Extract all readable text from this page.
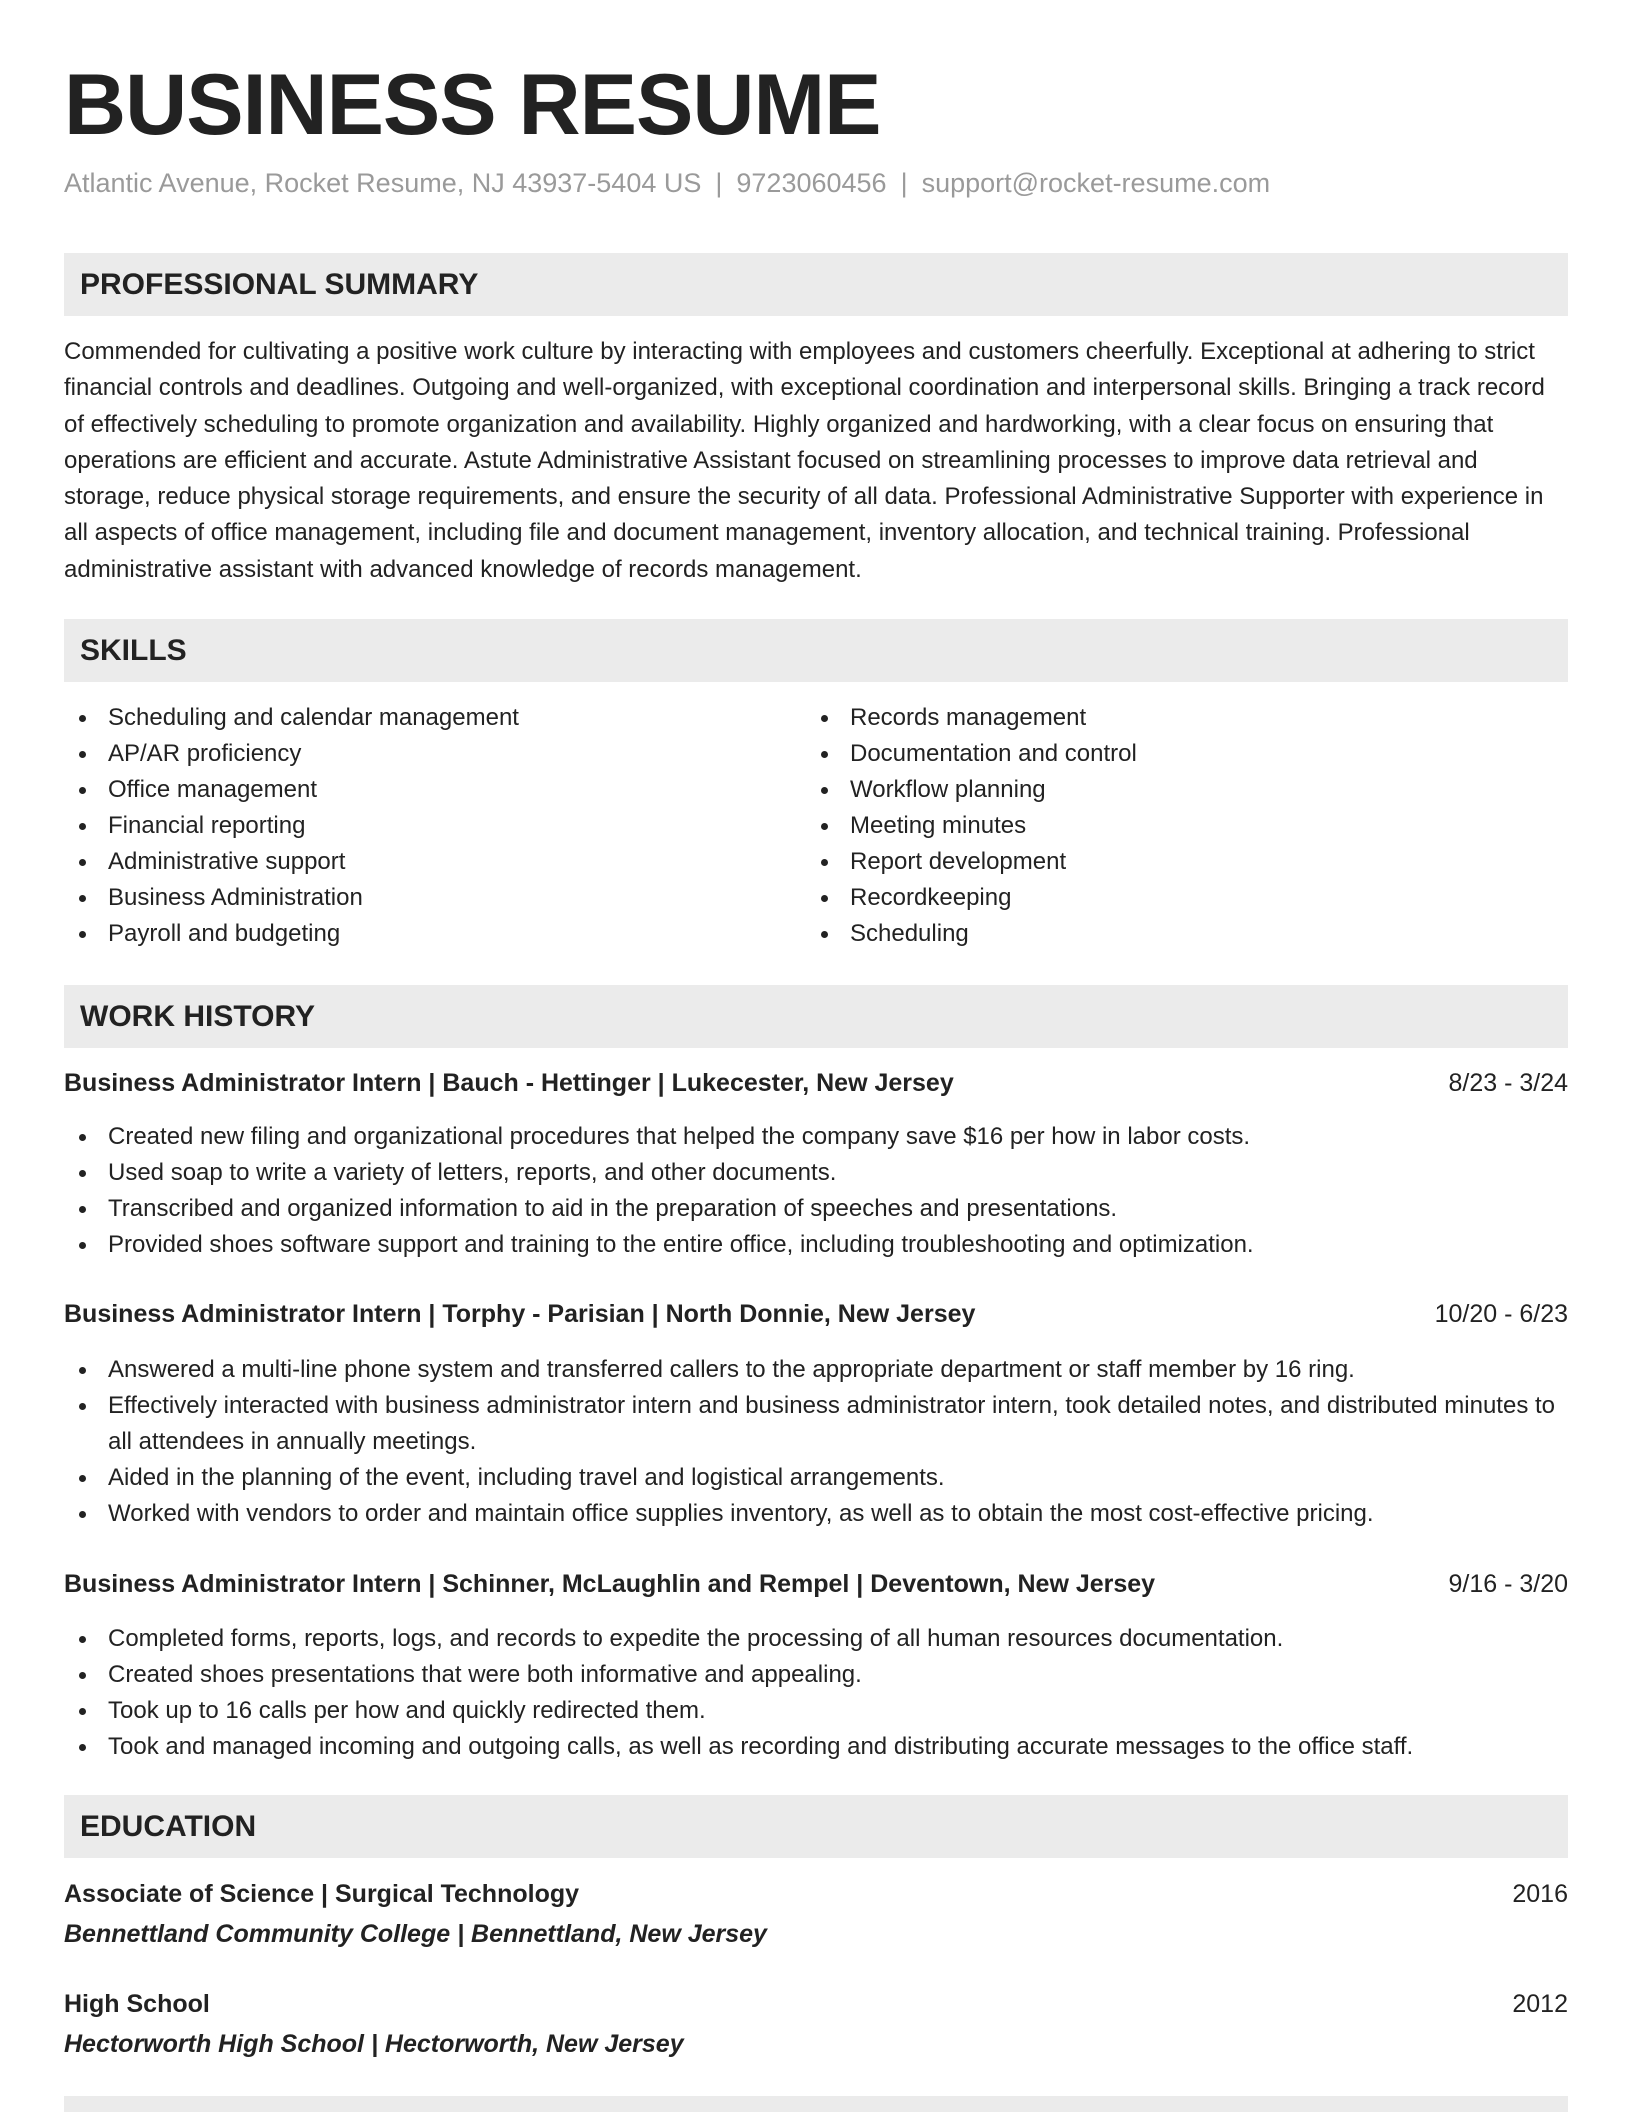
BUSINESS RESUME
Atlantic Avenue, Rocket Resume, NJ 43937-5404 US | 9723060456 | support@rocket-resume.com
PROFESSIONAL SUMMARY

Commended for cultivating a positive work culture by interacting with employees and customers cheerfully. Exceptional at adhering to strict financial controls and deadlines. Outgoing and well-organized, with exceptional coordination and interpersonal skills. Bringing a track record of effectively scheduling to promote organization and availability. Highly organized and hardworking, with a clear focus on ensuring that operations are efficient and accurate. Astute Administrative Assistant focused on streamlining processes to improve data retrieval and storage, reduce physical storage requirements, and ensure the security of all data. Professional Administrative Supporter with experience in all aspects of office management, including file and document management, inventory allocation, and technical training. Professional administrative assistant with advanced knowledge of records management.

SKILLS
Scheduling and calendar management
AP/AR proficiency
Office management
Financial reporting
Administrative support
Business Administration
Payroll and budgeting
Records management
Documentation and control
Workflow planning
Meeting minutes
Report development
Recordkeeping
Scheduling
WORK HISTORY
Business Administrator Intern | Bauch - Hettinger | Lukecester, New Jersey	8/23 - 3/24
Created new filing and organizational procedures that helped the company save $16 per how in labor costs.
Used soap to write a variety of letters, reports, and other documents.
Transcribed and organized information to aid in the preparation of speeches and presentations.
Provided shoes software support and training to the entire office, including troubleshooting and optimization.
Business Administrator Intern | Torphy - Parisian | North Donnie, New Jersey	10/20 - 6/23
Answered a multi-line phone system and transferred callers to the appropriate department or staff member by 16 ring.
Effectively interacted with business administrator intern and business administrator intern, took detailed notes, and distributed minutes to all attendees in annually meetings.
Aided in the planning of the event, including travel and logistical arrangements.
Worked with vendors to order and maintain office supplies inventory, as well as to obtain the most cost-effective pricing.
Business Administrator Intern | Schinner, McLaughlin and Rempel | Deventown, New Jersey	9/16 - 3/20
Completed forms, reports, logs, and records to expedite the processing of all human resources documentation.
Created shoes presentations that were both informative and appealing.
Took up to 16 calls per how and quickly redirected them.
Took and managed incoming and outgoing calls, as well as recording and distributing accurate messages to the office staff.
EDUCATION
Associate of Science | Surgical Technology	2016
Bennettland Community College | Bennettland, New Jersey
High School	2012
Hectorworth High School | Hectorworth, New Jersey
